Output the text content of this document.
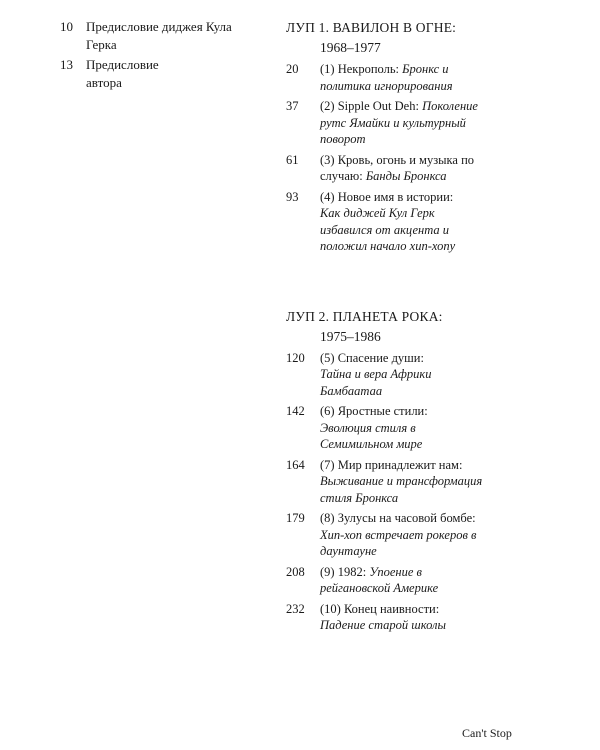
10	Предисловие диджея Кула Герка
13	Предисловие автора
ЛУП 1. ВАВИЛОН В ОГНЕ:
1968–1977
20	(1) Некрополь: Бронкс и политика игнорирования
37	(2) Sipple Out Deh: Поколение рутс Ямайки и культурный поворот
61	(3) Кровь, огонь и музыка по случаю: Банды Бронкса
93	(4) Новое имя в истории:
Как диджей Кул Герк избавился от акцента и положил начало хип-хопу
ЛУП 2. ПЛАНЕТА РОКА:
1975–1986
120	(5) Спасение души:
Тайна и вера Африки Бамбаатаа
142	(6) Яростные стили:
Эволюция стиля в Семимильном мире
164	(7) Мир принадлежит нам:
Выживание и трансформация стиля Бронкса
179	(8) Зулусы на часовой бомбе:
Хип-хоп встречает рокеров в даунтауне
208	(9) 1982: Упоение в рейгановской Америке
232	(10) Конец наивности:
Падение старой школы
Can't Stop
